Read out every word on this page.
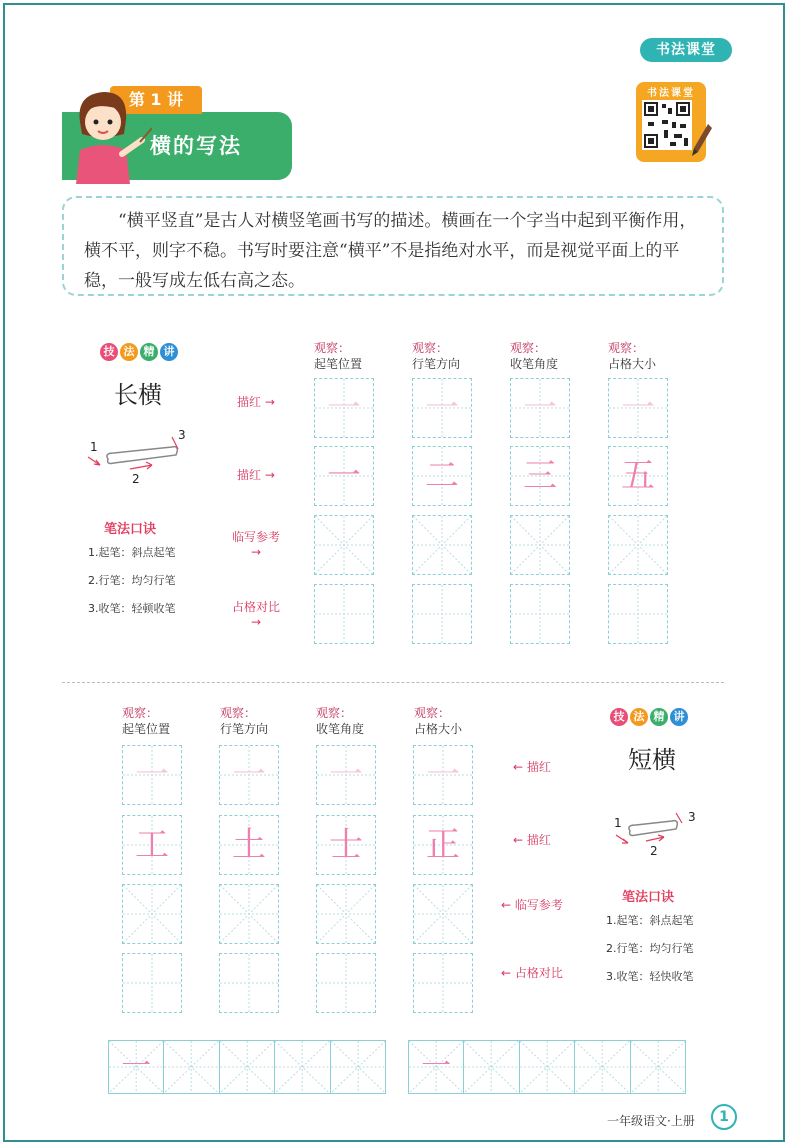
书法课堂
第 1 讲
横的写法
书法课堂

“横平竖直”是古人对横竖笔画书写的描述。横画在一个字当中起到平衡作用，横不平，则字不稳。书写时要注意“横平”不是指绝对水平，而是视觉平面上的平稳，一般写成左低右高之态。

技 法 精 讲
长横
1
2
3
笔法口诀
1.起笔：斜点起笔
2.行笔：均匀行笔
3.收笔：轻顿收笔
观察：
起笔位置
观察：
行笔方向
观察：
收笔角度
观察：
占格大小
描红 →
描红 →
临写参考 →
占格对比 →
一	一	一	一
一	二	三	五
观察：
起笔位置
观察：
行笔方向
观察：
收笔角度
观察：
占格大小
一	一	一	一
工	土	士	正
← 描红
← 描红
← 临写参考
← 占格对比
技 法 精 讲
短横
1
2
3
笔法口诀
1.起笔：斜点起笔
2.行笔：均匀行笔
3.收笔：轻快收笔
一	一
一年级语文·上册	1
